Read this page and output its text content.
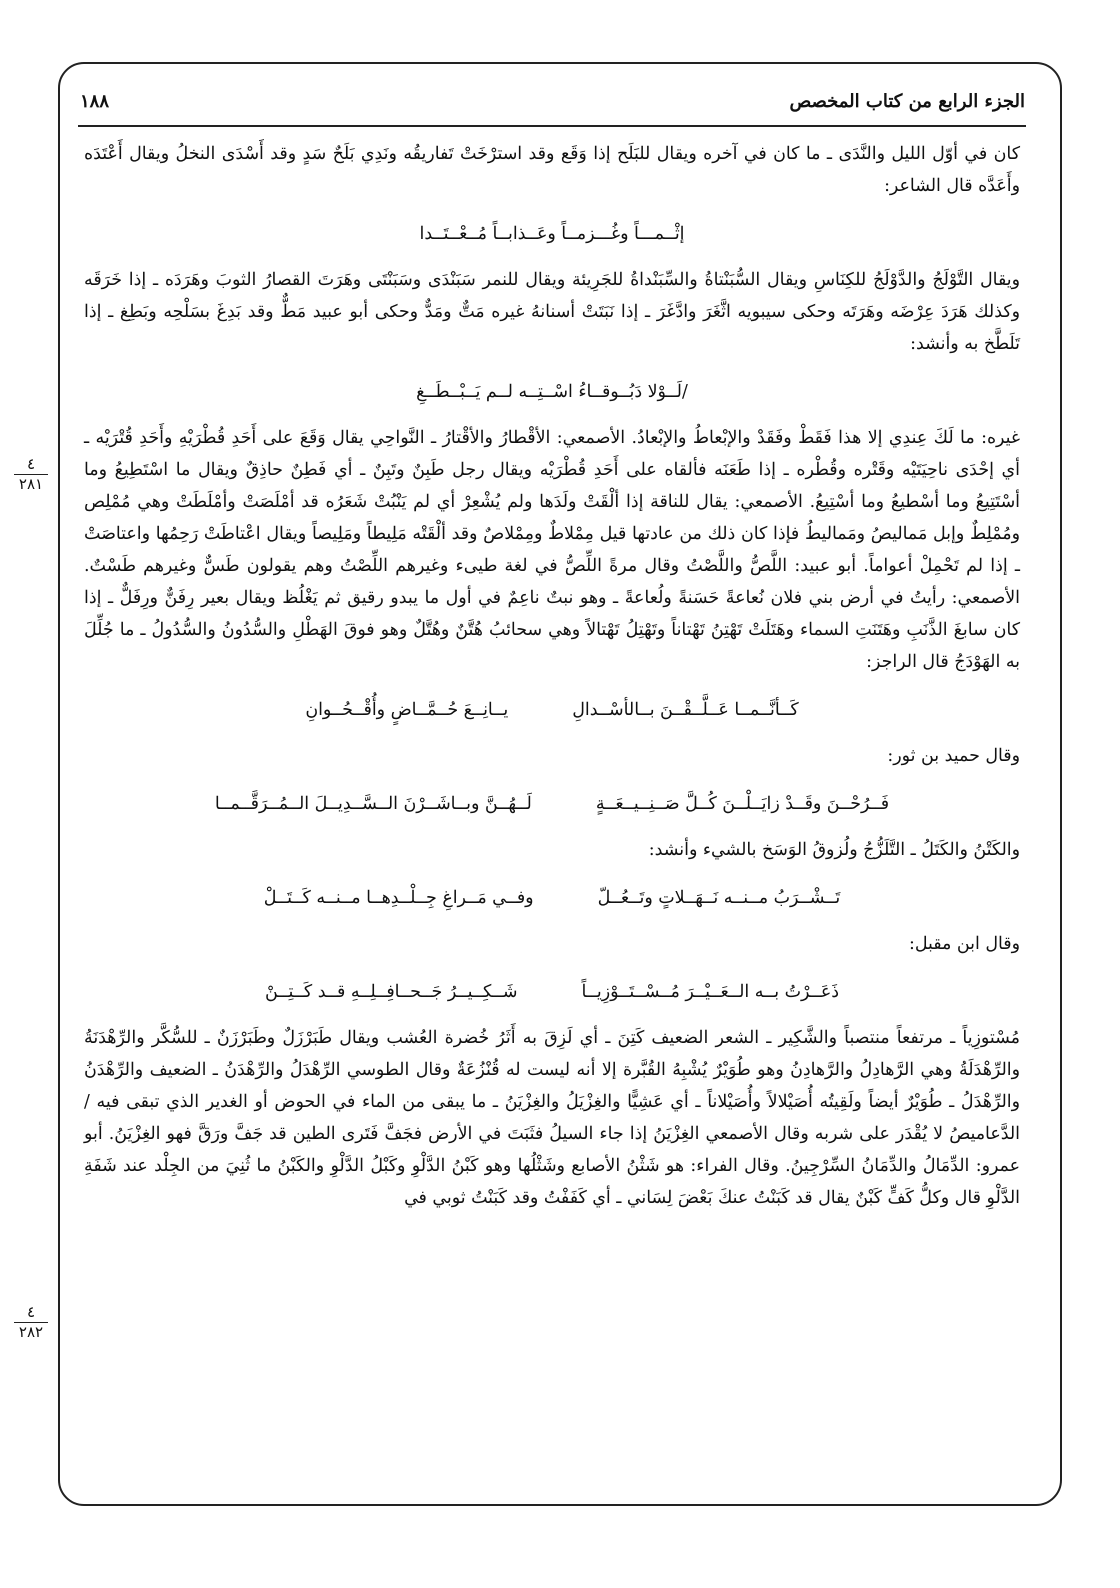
الجزء الرابع من كتاب المخصص
١٨٨
٤
٢٨١
٤
٢٨٢

كان في أوّل الليل والنَّدَى ـ ما كان في آخره ويقال للبَلَح إذا وَقَع وقد استرْخَتْ تَفاريقُه ونَدِي بَلَحٌ سَدٍ وقد أَسْدَى النخلُ ويقال أَعْتَدَه وأَعَدَّه قال الشاعر:

إثْــمـــاً وغُـــزمــاً وعَــذابــاً مُــعْــتَــدا

ويقال التَّوْلَجُ والدَّوْلَجُ للكِنَاسِ ويقال السُّبَنْتاةُ والسِّبَنْداةُ للجَرِيئة ويقال للنمر سَبَنْدَى وسَبَنْتَى وهَرَتَ القصارُ الثوبَ وهَرَدَه ـ إذا خَرَقَه وكذلك هَرَدَ عِرْضَه وهَرَتَه وحكى سيبويه اثَّغَرَ وادَّغَرَ ـ إذا نَبَتَتْ أسنانهُ غيره مَتٌّ ومَدٌّ وحكى أبو عبيد مَطٌّ وقد بَدِغَ بسَلْحِه وبَطِغ ـ إذا تَلَطَّخ به وأنشد:

/لَــوْلا دَبُــوقــاءُ اسْــتِــه لــم يَــبْــطَــغِ

غيره: ما لَكَ عِندِي إلا هذا فَقَطْ وفَقَدْ والإبْعاطُ والإبْعادُ. الأصمعي: الأقْطارُ والأقْتارُ ـ النَّواحِي يقال وَقَعَ على أَحَدِ قُطْرَيْهِ وأَحَدِ قُتْرَيْه ـ أي إحْدَى ناحِيَتَيْه وقَتْره وقُطْره ـ إذا طَعَنَه فألقاه على أَحَدِ قُطْرَيْه ويقال رجل طَبِنٌ وتَبِنٌ ـ أي فَطِنٌ حاذِقٌ ويقال ما اسْتَطِيعُ وما أسْتَتِيعُ وما أسْطيعُ وما أسْتِيعُ. الأصمعي: يقال للناقة إذا ألْقَتْ ولَدَها ولم يُشْعِرْ أي لم يَنْبُتْ شَعَرُه قد أمْلَصَتْ وأمْلَطَتْ وهي مُمْلِص ومُمْلِطٌ وإبل مَماليصُ ومَماليطُ فإذا كان ذلك من عادتها قيل مِمْلاطٌ ومِمْلاصٌ وقد ألْقَتْه مَلِيطاً ومَلِيصاً ويقال اعْتاطَتْ رَحِمُها واعتاصَتْ ـ إذا لم تَحْمِلْ أعواماً. أبو عبيد: اللَّصُّ واللَّصْتُ وقال مرةً اللِّصُّ في لغة طيىء وغيرهم اللِّصْتُ وهم يقولون طَسٌّ وغيرهم طَسْتٌ. الأصمعي: رأيتُ في أرض بني فلان نُعاعةً حَسَنةً ولُعاعةً ـ وهو نبتٌ ناعِمٌ في أول ما يبدو رقيق ثم يَغْلُظ ويقال بعير رِفَنٌّ ورِفَلٌّ ـ إذا كان سابغَ الذَّنَبِ وهَتَنَتِ السماء وهَتَلَتْ تَهْتِنُ تَهْتاناً وتَهْتِلُ تَهْتالاً وهي سحائبُ هُتَّنٌ وهُتَّلٌ وهو فوقَ الهَطْلِ والسُّدُونُ والسُّدُولُ ـ ما جُلِّلَ به الهَوْدَجُ قال الراجز:

كَــأنَّــمــا عَــلَّــقْــنَ بــالأسْــدالِ
يــانِــعَ حُــمَّــاضٍ وأُقْــحُــوانِ

وقال حميد بن ثور:

فَــرُحْــنَ وقَــدْ زايَــلْــنَ كُــلَّ صَــنِــيــعَــةٍ
لَــهُــنَّ وبــاشَــرْنَ الــسَّــدِيــلَ الــمُــرَقَّــمــا

والكَتْنُ والكَتَلُ ـ التَّلَزُّجُ ولُزوقُ الوَسَخ بالشيء وأنشد:

تَــشْــرَبُ مــنــه نَــهَــلاتٍ وتَــعُــلّ
وفــي مَــراغِ جِــلْــدِهــا مــنــه كَــتَــلْ

وقال ابن مقبل:

ذَعَــرْتُ بــه الــعَــيْــرَ مُــسْــتَــوْزِيــاً
شَــكِــيــرُ جَــحــافِــلِــهِ قــد كَــتِــنْ

مُسْتوزِياً ـ مرتفعاً منتصباً والشَّكِير ـ الشعر الضعيف كَتِنَ ـ أي لَزِقَ به أَثَرُ خُضرة العُشب ويقال طَبَرْزَلٌ وطَبَرْزَنٌ ـ للسُّكَّر والرِّهْدَنَةُ والرِّهْدَلَةُ وهي الرَّهادِلُ والرَّهادِنُ وهو طُوَيْرٌ يُشْبِهُ القُبَّرة إلا أنه ليست له قُنْزُعَةٌ وقال الطوسي الرِّهْدَلُ والرِّهْدَنُ ـ الضعيف والرِّهْدَنُ والرِّهْدَلُ ـ طُوَيْرٌ أيضاً ولَقِيتُه أُصَيْلالاً وأُصَيْلاناً ـ أي عَشِيًّا والغِزْيَلُ والغِزْيَنُ ـ ما يبقى من الماء في الحوض أو الغدير الذي تبقى فيه / الدَّعاميصُ لا يُقْدَر على شربه وقال الأصمعي الغِزْيَنُ إذا جاء السيلُ فثَبَتَ في الأرض فجَفَّ فَتَرى الطين قد جَفَّ ورَقَّ فهو الغِزْيَنُ. أبو عمرو: الدِّمَالُ والدِّمَانُ السِّرْجِينُ. وقال الفراء: هو شَثْنُ الأصابع وشَثْلُها وهو كَبْنُ الدَّلْوِ وكَبْلُ الدَّلْوِ والكَبْنُ ما ثُنِيَ من الجِلْد عند شَفَةِ الدَّلْوِ قال وكلُّ كَفٍّ كَبْنٌ يقال قد كَبَنْتُ عنكَ بَعْضَ لِسَاني ـ أي كَفَفْتُ وقد كَبَنْتُ ثوبي في
